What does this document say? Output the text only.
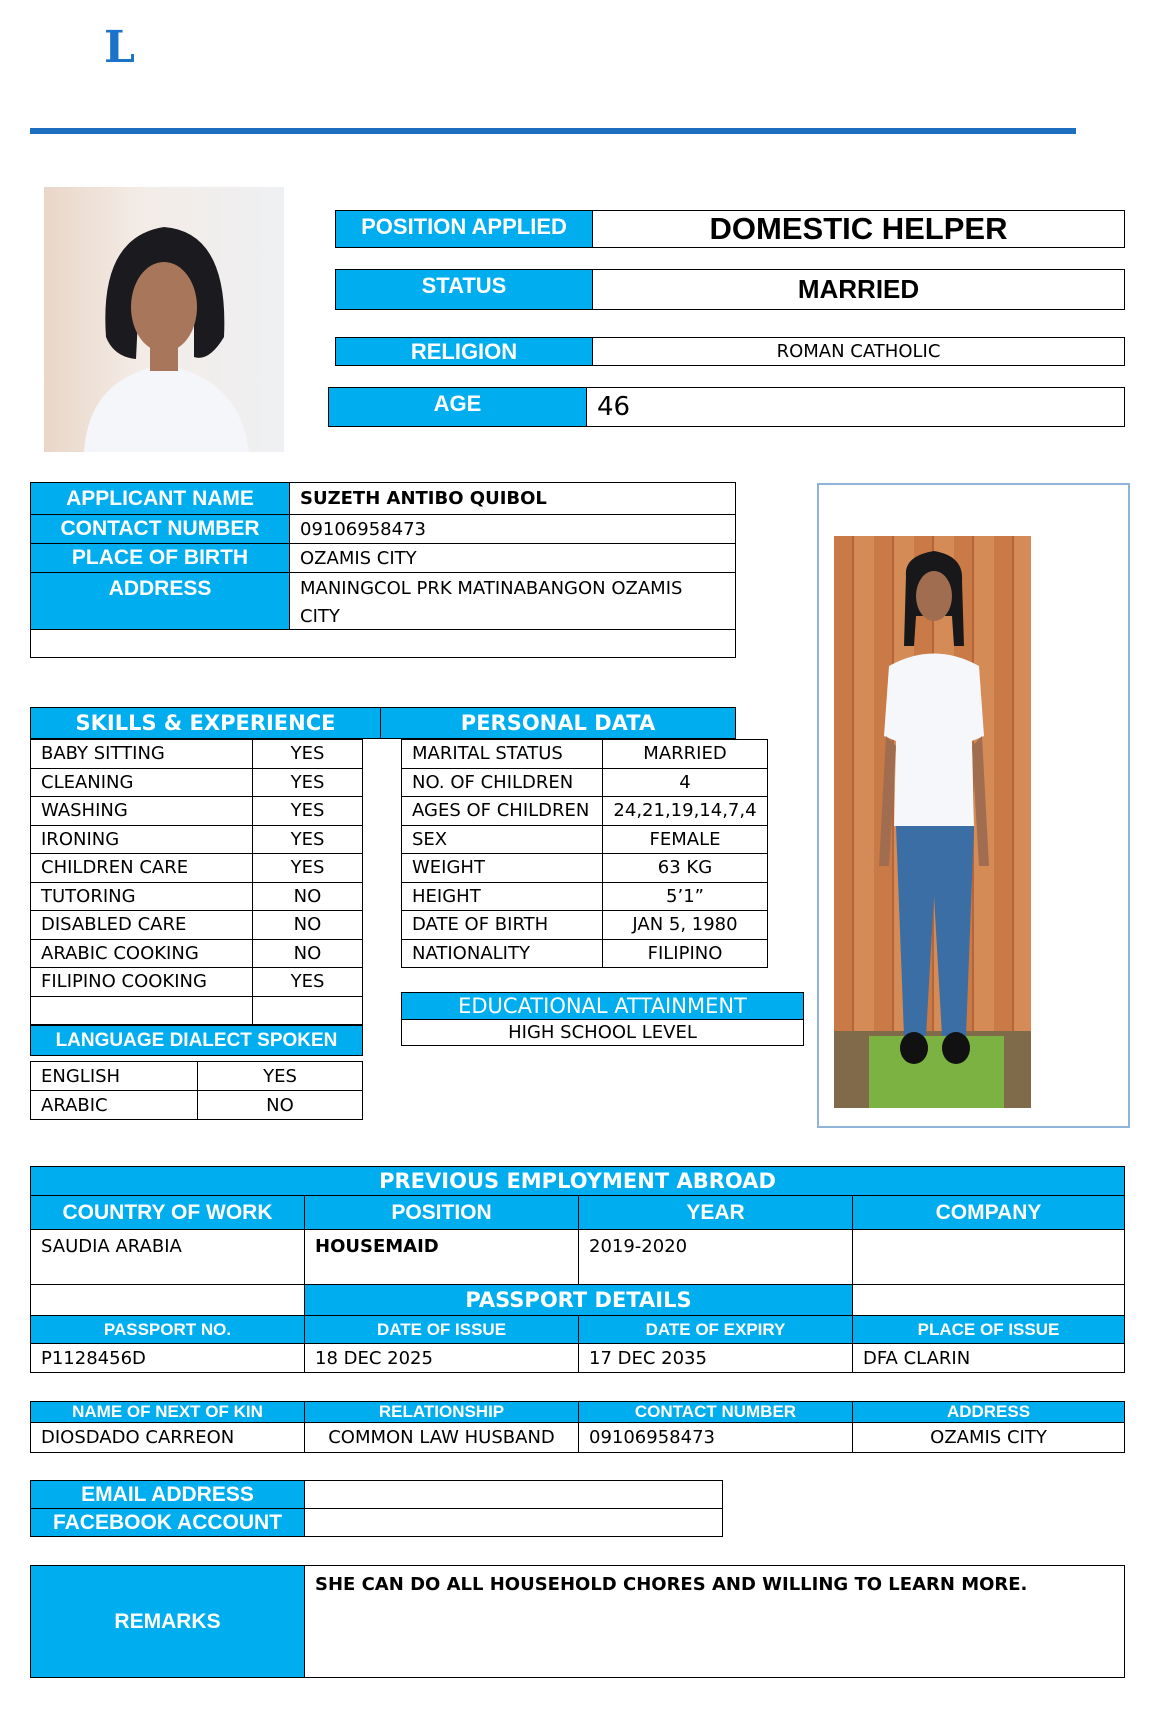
L
POSITION APPLIED	DOMESTIC HELPER
STATUS	MARRIED
RELIGION	ROMAN CATHOLIC
AGE	46
APPLICANT NAME	SUZETH ANTIBO QUIBOL
CONTACT NUMBER	09106958473
PLACE OF BIRTH	OZAMIS CITY
ADDRESS	MANINGCOL PRK MATINABANGON OZAMIS CITY
SKILLS & EXPERIENCE	PERSONAL DATA
BABY SITTING	YES
CLEANING	YES
WASHING	YES
IRONING	YES
CHILDREN CARE	YES
TUTORING	NO
DISABLED CARE	NO
ARABIC COOKING	NO
FILIPINO COOKING	YES
LANGUAGE DIALECT SPOKEN
ENGLISH	YES
ARABIC	NO
MARITAL STATUS	MARRIED
NO. OF CHILDREN	4
AGES OF CHILDREN	24,21,19,14,7,4
SEX	FEMALE
WEIGHT	63 KG
HEIGHT	5’1”
DATE OF BIRTH	JAN 5, 1980
NATIONALITY	FILIPINO
EDUCATIONAL ATTAINMENT
HIGH SCHOOL LEVEL
PREVIOUS EMPLOYMENT ABROAD
COUNTRY OF WORK	POSITION	YEAR	COMPANY
SAUDIA ARABIA	HOUSEMAID	2019-2020
PASSPORT DETAILS
PASSPORT NO.	DATE OF ISSUE	DATE OF EXPIRY	PLACE OF ISSUE
P1128456D	18 DEC 2025	17 DEC 2035	DFA CLARIN
NAME OF NEXT OF KIN	RELATIONSHIP	CONTACT NUMBER	ADDRESS
DIOSDADO CARREON	COMMON LAW HUSBAND	09106958473	OZAMIS CITY
EMAIL ADDRESS
FACEBOOK ACCOUNT
REMARKS
SHE CAN DO ALL HOUSEHOLD CHORES AND WILLING TO LEARN MORE.
